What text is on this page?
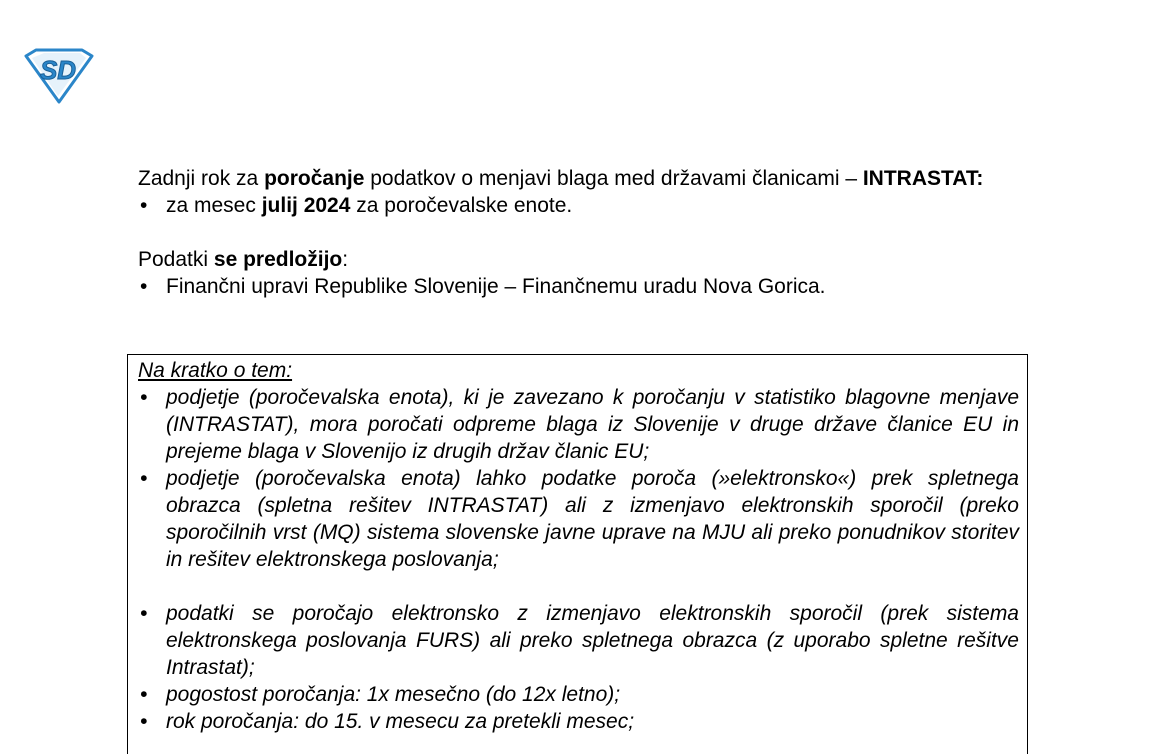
SD

Zadnji rok za poročanje podatkov o menjavi blaga med državami članicami – INTRASTAT:

• za mesec julij 2024 za poročevalske enote.

Podatki se predložijo:

• Finančni upravi Republike Slovenije – Finančnemu uradu Nova Gorica.

Na kratko o tem:

• podjetje (poročevalska enota), ki je zavezano k poročanju v statistiko blagovne menjave (INTRASTAT), mora poročati odpreme blaga iz Slovenije v druge države članice EU in prejeme blaga v Slovenijo iz drugih držav članic EU;
• podjetje (poročevalska enota) lahko podatke poroča (»elektronsko«) prek spletnega obrazca (spletna rešitev INTRASTAT) ali z izmenjavo elektronskih sporočil (preko sporočilnih vrst (MQ) sistema slovenske javne uprave na MJU ali preko ponudnikov storitev in rešitev elektronskega poslovanja;
• podatki se poročajo elektronsko z izmenjavo elektronskih sporočil (prek sistema elektronskega poslovanja FURS) ali preko spletnega obrazca (z uporabo spletne rešitve Intrastat);
• pogostost poročanja: 1x mesečno (do 12x letno);
• rok poročanja: do 15. v mesecu za pretekli mesec;
